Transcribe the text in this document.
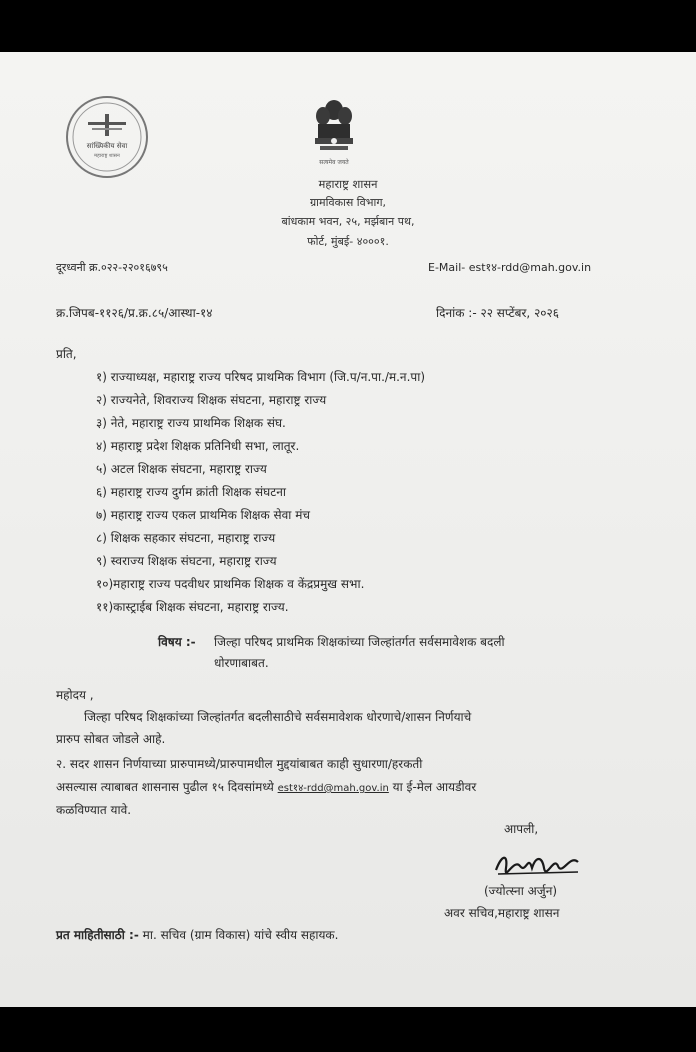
सांख्यिकीय सेवा
महाराष्ट्र शासन
सत्यमेव जयते
महाराष्ट्र शासन
ग्रामविकास विभाग,
बांधकाम भवन, २५, मर्झबान पथ,
फोर्ट, मुंबई- ४०००१.
दूरध्वनी क्र.०२२-२२०१६७९५	E-Mail- est१४-rdd@mah.gov.in
क्र.जिपब-११२६/प्र.क्र.८५/आस्था-१४	दिनांक :- २२ सप्टेंबर, २०२६
प्रति,
१) राज्याध्यक्ष, महाराष्ट्र राज्य परिषद प्राथमिक विभाग (जि.प/न.पा./म.न.पा)
२) राज्यनेते, शिवराज्य शिक्षक संघटना, महाराष्ट्र राज्य
३) नेते, महाराष्ट्र राज्य प्राथमिक शिक्षक संघ.
४) महाराष्ट्र प्रदेश शिक्षक प्रतिनिधी सभा, लातूर.
५) अटल शिक्षक संघटना, महाराष्ट्र राज्य
६) महाराष्ट्र राज्य दुर्गम क्रांती शिक्षक संघटना
७) महाराष्ट्र राज्य एकल प्राथमिक शिक्षक सेवा मंच
८) शिक्षक सहकार संघटना, महाराष्ट्र राज्य
९) स्वराज्य शिक्षक संघटना, महाराष्ट्र राज्य
१०)महाराष्ट्र राज्य पदवीधर प्राथमिक शिक्षक व केंद्रप्रमुख सभा.
११)कास्ट्राईब शिक्षक संघटना, महाराष्ट्र राज्य.
विषय :- जिल्हा परिषद प्राथमिक शिक्षकांच्या जिल्हांतर्गत सर्वसमावेशक बदली
धोरणाबाबत.
महोदय ,
जिल्हा परिषद शिक्षकांच्या जिल्हांतर्गत बदलीसाठीचे सर्वसमावेशक धोरणाचे/शासन निर्णयाचे
प्रारुप सोबत जोडले आहे.
२. सदर शासन निर्णयाच्या प्रारुपामध्ये/प्रारुपामधील मुद्दयांबाबत काही सुधारणा/हरकती
असल्यास त्याबाबत शासनास पुढील १५ दिवसांमध्ये est१४-rdd@mah.gov.in या ई-मेल आयडीवर
कळविण्यात यावे.
आपली,
(ज्योत्स्ना अर्जुन)
अवर सचिव,महाराष्ट्र शासन
प्रत माहितीसाठी :- मा. सचिव (ग्राम विकास) यांचे स्वीय सहायक.
